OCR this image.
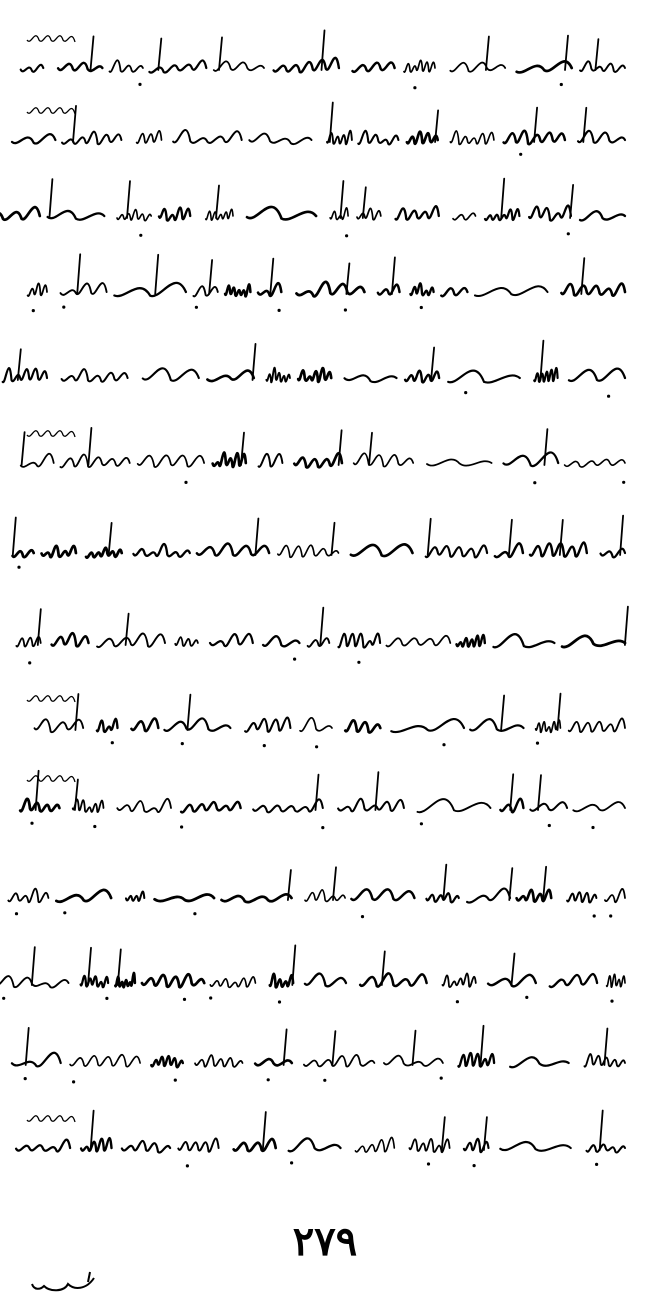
٢٧٩
